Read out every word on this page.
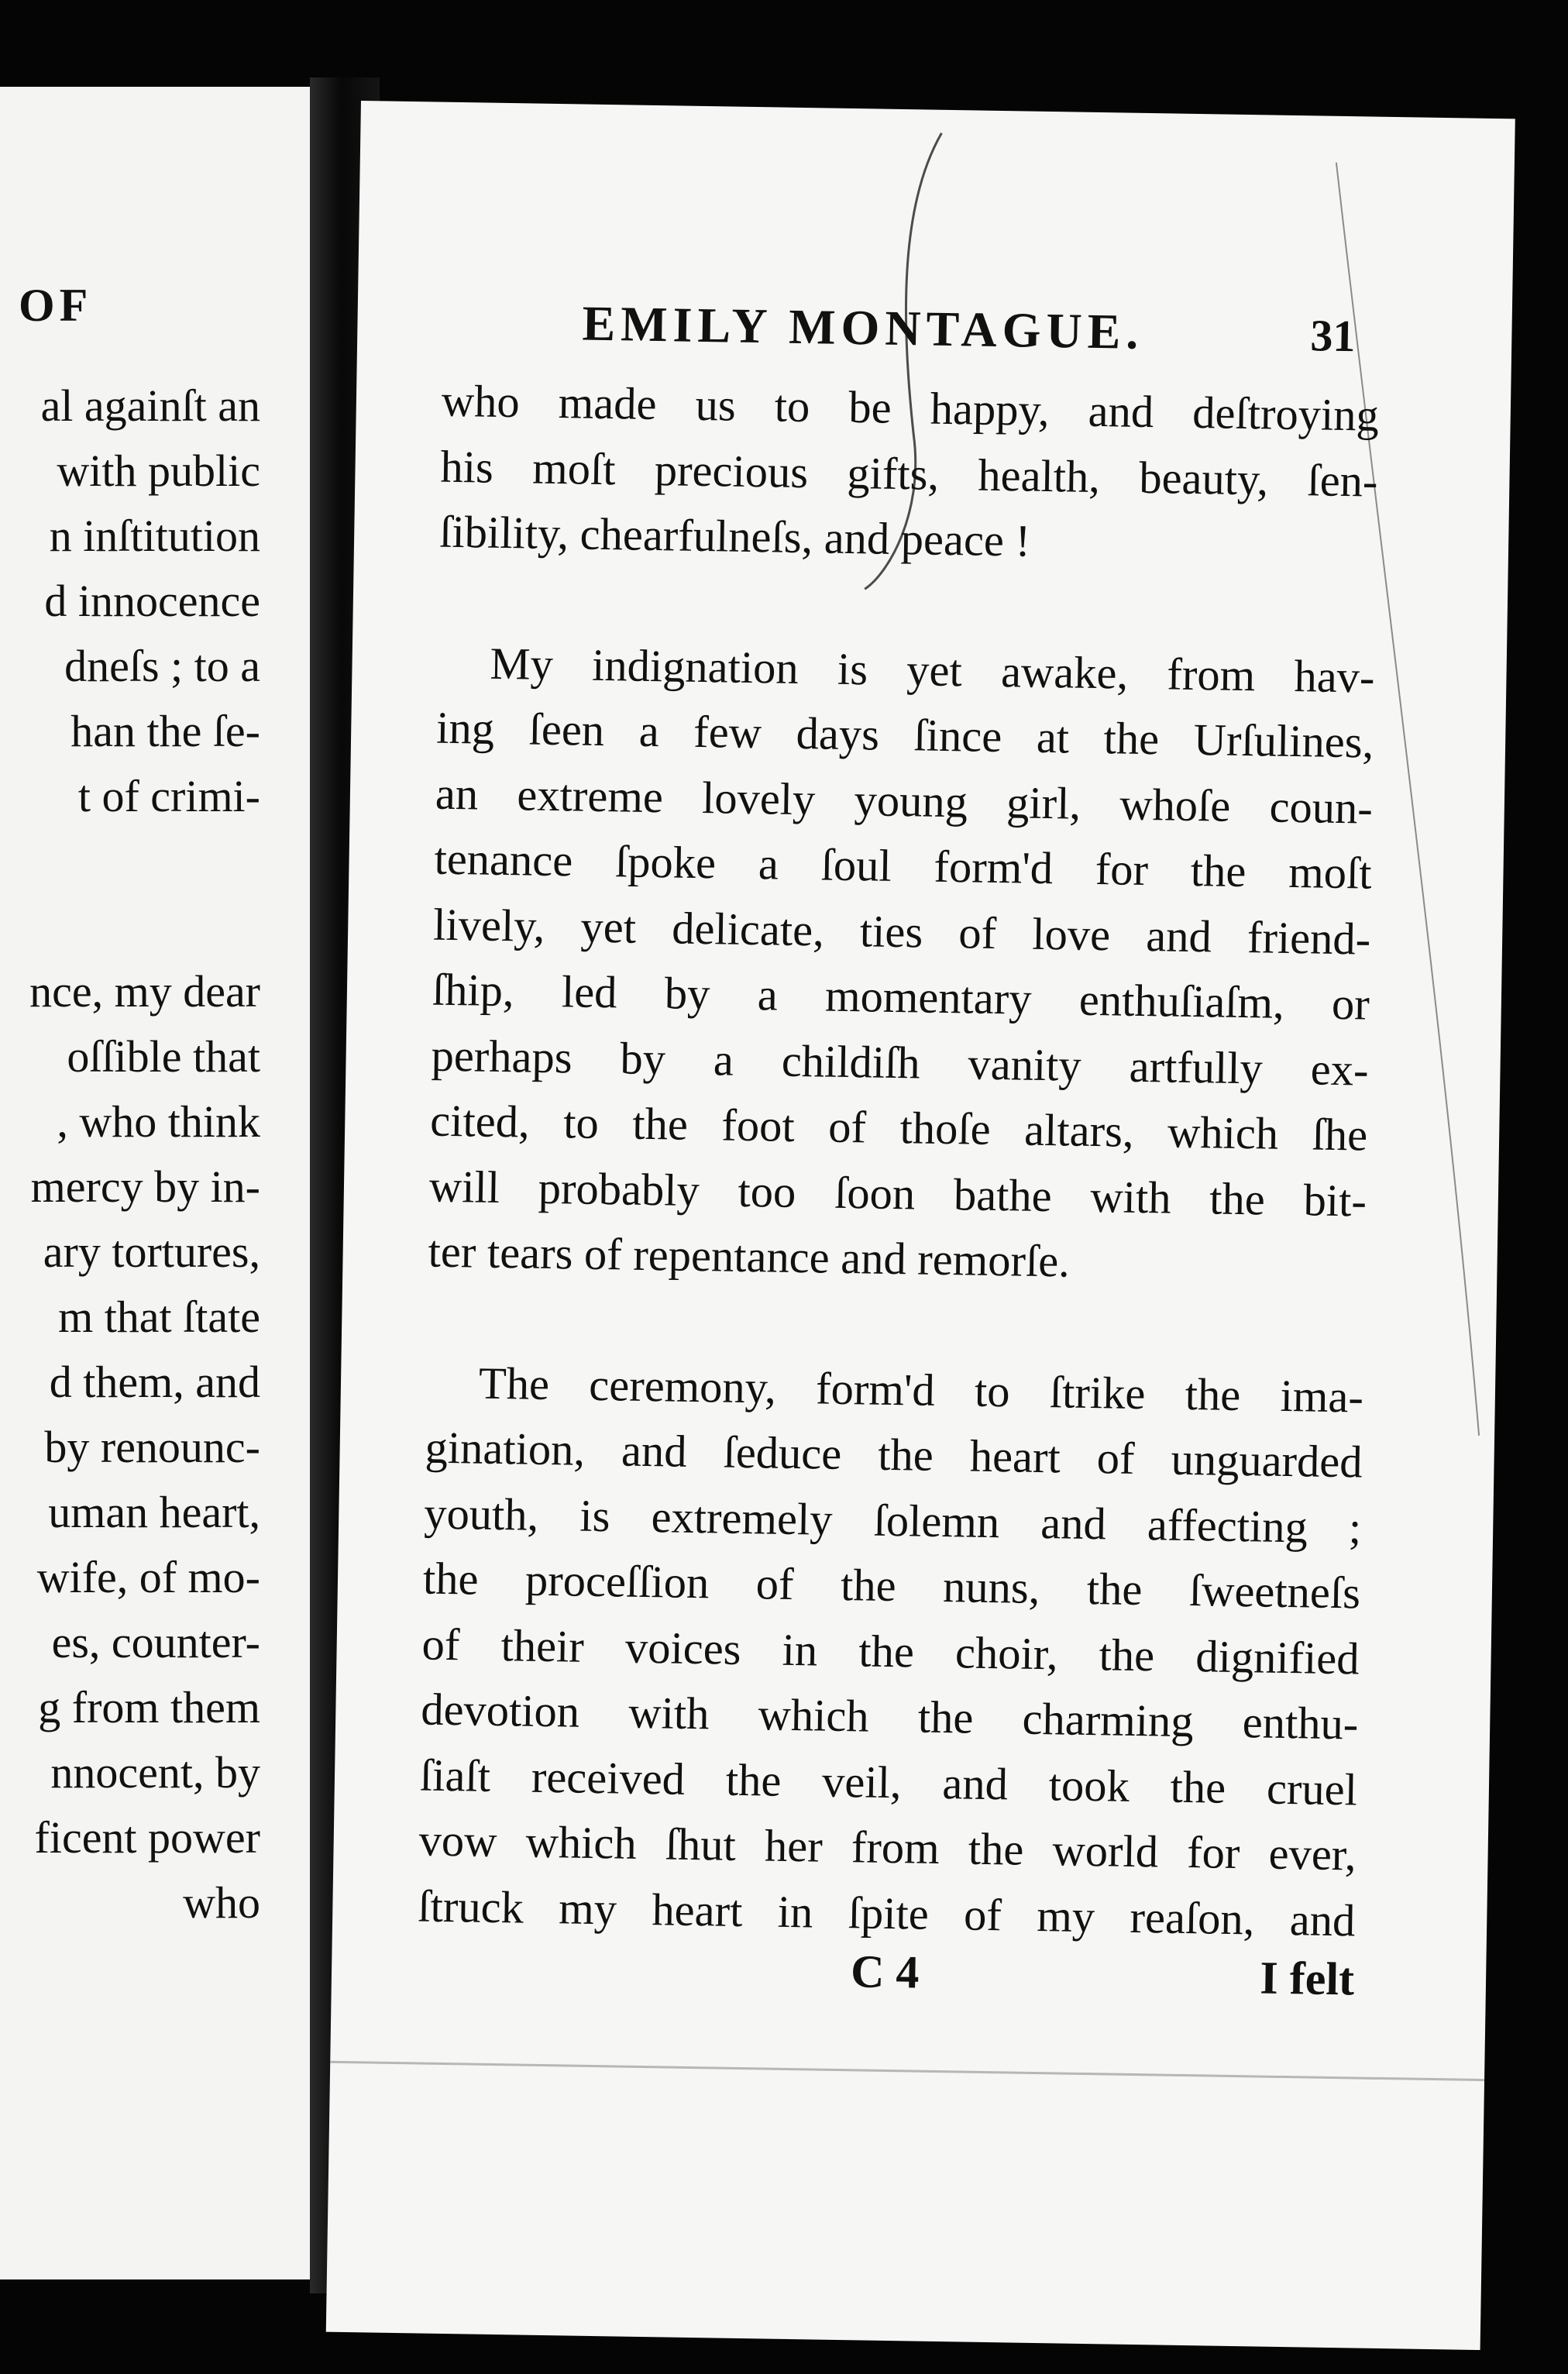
OF
al againſt an
with public
n inſtitution
d innocence
dneſs ; to a
han the ſe-
t of crimi-
nce, my dear
oſſible that
, who think
mercy by in-
ary tortures,
m that ſtate
d them, and
by renounc-
uman heart,
wife, of mo-
es, counter-
g from them
nnocent, by
ficent power
who
EMILY MONTAGUE.	31

who made us to be happy, and deſtroying
his moſt precious gifts, health, beauty, ſen-
ſibility, chearfulneſs, and peace !

My indignation is yet awake, from hav-
ing ſeen a few days ſince at the Urſulines,
an extreme lovely young girl, whoſe coun-
tenance ſpoke a ſoul form'd for the moſt
lively, yet delicate, ties of love and friend-
ſhip, led by a momentary enthuſiaſm, or
perhaps by a childiſh vanity artfully ex-
cited, to the foot of thoſe altars, which ſhe
will probably too ſoon bathe with the bit-
ter tears of repentance and remorſe.

The ceremony, form'd to ſtrike the ima-
gination, and ſeduce the heart of unguarded
youth, is extremely ſolemn and affecting ;
the proceſſion of the nuns, the ſweetneſs
of their voices in the choir, the dignified
devotion with which the charming enthu-
ſiaſt received the veil, and took the cruel
vow which ſhut her from the world for ever,
ſtruck my heart in ſpite of my reaſon, and

C 4	I felt
